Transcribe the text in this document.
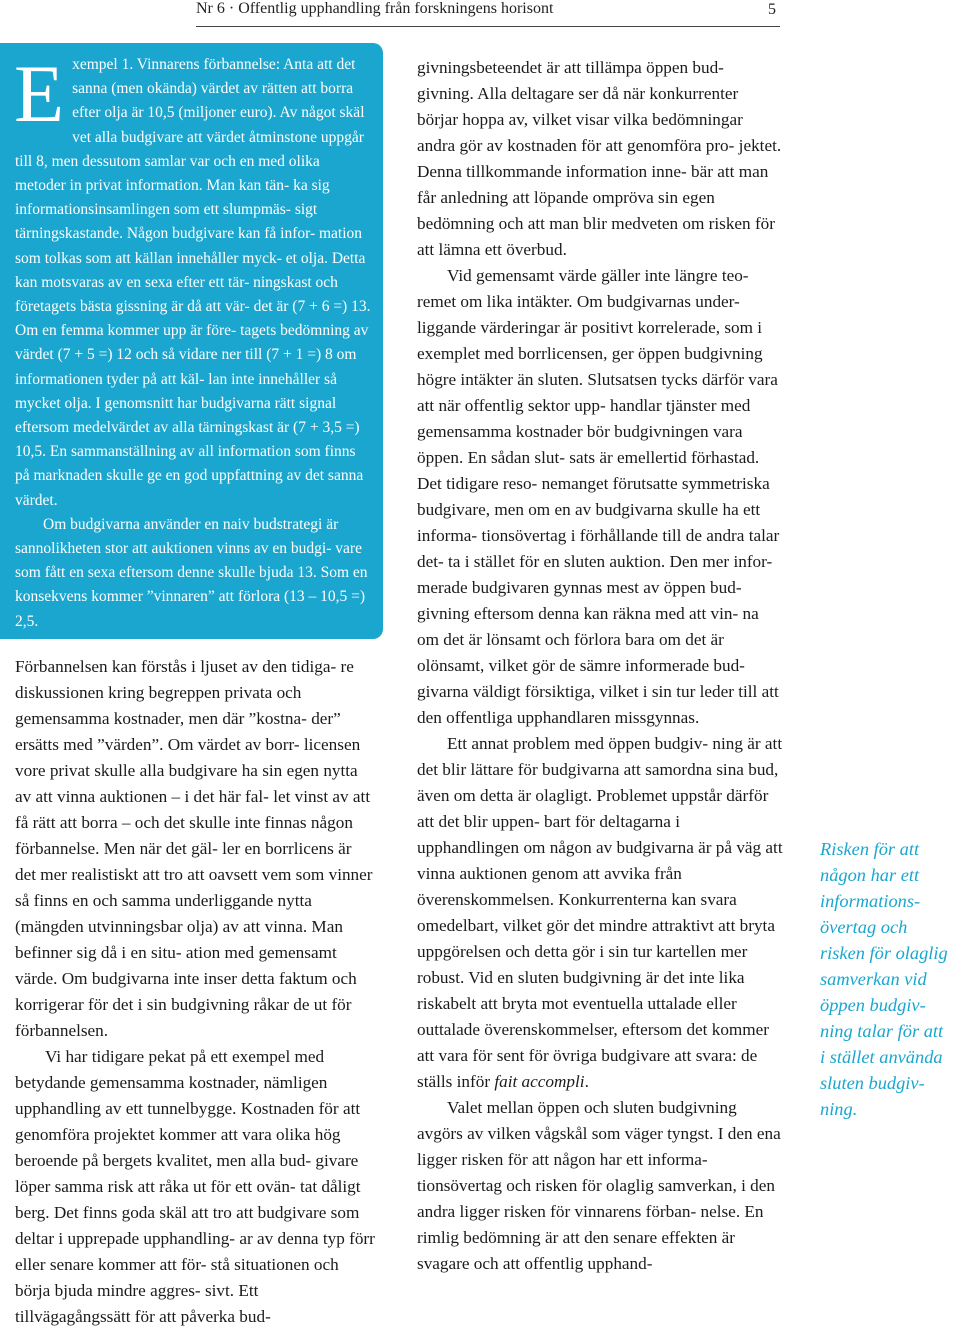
Nr 6 · Offentlig upphandling från forskningens horisont	5
E xempel 1. Vinnarens förbannelse: Anta att det sanna (men okända) värdet av rätten att borra efter olja är 10,5 (miljoner euro). Av något skäl vet alla budgivare att värdet åtminstone uppgår till 8, men dessutom samlar var och en med olika metoder in privat information. Man kan tän- ka sig informationsinsamlingen som ett slumpmäs- sigt tärningskastande. Någon budgivare kan få infor- mation som tolkas som att källan innehåller myck- et olja. Detta kan motsvaras av en sexa efter ett tär- ningskast och företagets bästa gissning är då att vär- det är (7 + 6 =) 13. Om en femma kommer upp är före- tagets bedömning av värdet (7 + 5 =) 12 och så vidare ner till (7 + 1 =) 8 om informationen tyder på att käl- lan inte innehåller så mycket olja. I genomsnitt har budgivarna rätt signal eftersom medelvärdet av alla tärningskast är (7 + 3,5 =) 10,5. En sammanställning av all information som finns på marknaden skulle ge en god uppfattning av det sanna värdet.

Om budgivarna använder en naiv budstrategi är sannolikheten stor att auktionen vinns av en budgi- vare som fått en sexa eftersom denne skulle bjuda 13. Som en konsekvens kommer ”vinnaren” att förlora (13 – 10,5 =) 2,5.

Förbannelsen kan förstås i ljuset av den tidiga- re diskussionen kring begreppen privata och gemensamma kostnader, men där ”kostna- der” ersätts med ”värden”. Om värdet av borr- licensen vore privat skulle alla budgivare ha sin egen nytta av att vinna auktionen – i det här fal- let vinst av att få rätt att borra – och det skulle inte finnas någon förbannelse. Men när det gäl- ler en borrlicens är det mer realistiskt att tro att oavsett vem som vinner så finns en och samma underliggande nytta (mängden utvinningsbar olja) av att vinna. Man befinner sig då i en situ- ation med gemensamt värde. Om budgivarna inte inser detta faktum och korrigerar för det i sin budgivning råkar de ut för förbannelsen.

Vi har tidigare pekat på ett exempel med betydande gemensamma kostnader, nämligen upphandling av ett tunnelbygge. Kostnaden för att genomföra projektet kommer att vara olika hög beroende på bergets kvalitet, men alla bud- givare löper samma risk att råka ut för ett ovän- tat dåligt berg. Det finns goda skäl att tro att budgivare som deltar i upprepade upphandling- ar av denna typ förr eller senare kommer att för- stå situationen och börja bjuda mindre aggres- sivt. Ett tillvägagångssätt för att påverka bud-

givningsbeteendet är att tillämpa öppen bud- givning. Alla deltagare ser då när konkurrenter börjar hoppa av, vilket visar vilka bedömningar andra gör av kostnaden för att genomföra pro- jektet. Denna tillkommande information inne- bär att man får anledning att löpande ompröva sin egen bedömning och att man blir medveten om risken för att lämna ett överbud.

Vid gemensamt värde gäller inte längre teo- remet om lika intäkter. Om budgivarnas under- liggande värderingar är positivt korrelerade, som i exemplet med borrlicensen, ger öppen budgivning högre intäkter än sluten. Slutsatsen tycks därför vara att när offentlig sektor upp- handlar tjänster med gemensamma kostnader bör budgivningen vara öppen. En sådan slut- sats är emellertid förhastad. Det tidigare reso- nemanget förutsatte symmetriska budgivare, men om en av budgivarna skulle ha ett informa- tionsövertag i förhållande till de andra talar det- ta i stället för en sluten auktion. Den mer infor- merade budgivaren gynnas mest av öppen bud- givning eftersom denna kan räkna med att vin- na om det är lönsamt och förlora bara om det är olönsamt, vilket gör de sämre informerade bud- givarna väldigt försiktiga, vilket i sin tur leder till att den offentliga upphandlaren missgynnas.

Ett annat problem med öppen budgiv- ning är att det blir lättare för budgivarna att samordna sina bud, även om detta är olagligt. Problemet uppstår därför att det blir uppen- bart för deltagarna i upphandlingen om någon av budgivarna är på väg att vinna auktionen genom att avvika från överenskommelsen. Konkurrenterna kan svara omedelbart, vilket gör det mindre attraktivt att bryta uppgörelsen och detta gör i sin tur kartellen mer robust. Vid en sluten budgivning är det inte lika riskabelt att bryta mot eventuella uttalade eller outtalade överenskommelser, eftersom det kommer att vara för sent för övriga budgivare att svara: de ställs inför fait accompli.

Valet mellan öppen och sluten budgivning avgörs av vilken vågskål som väger tyngst. I den ena ligger risken för att någon har ett informa- tionsövertag och risken för olaglig samverkan, i den andra ligger risken för vinnarens förban- nelse. En rimlig bedömning är att den senare effekten är svagare och att offentlig upphand-

Risken för att
någon har ett
informations-
övertag och
risken för olaglig
samverkan vid
öppen budgiv-
ning talar för att
i stället använda
sluten budgiv-
ning.
